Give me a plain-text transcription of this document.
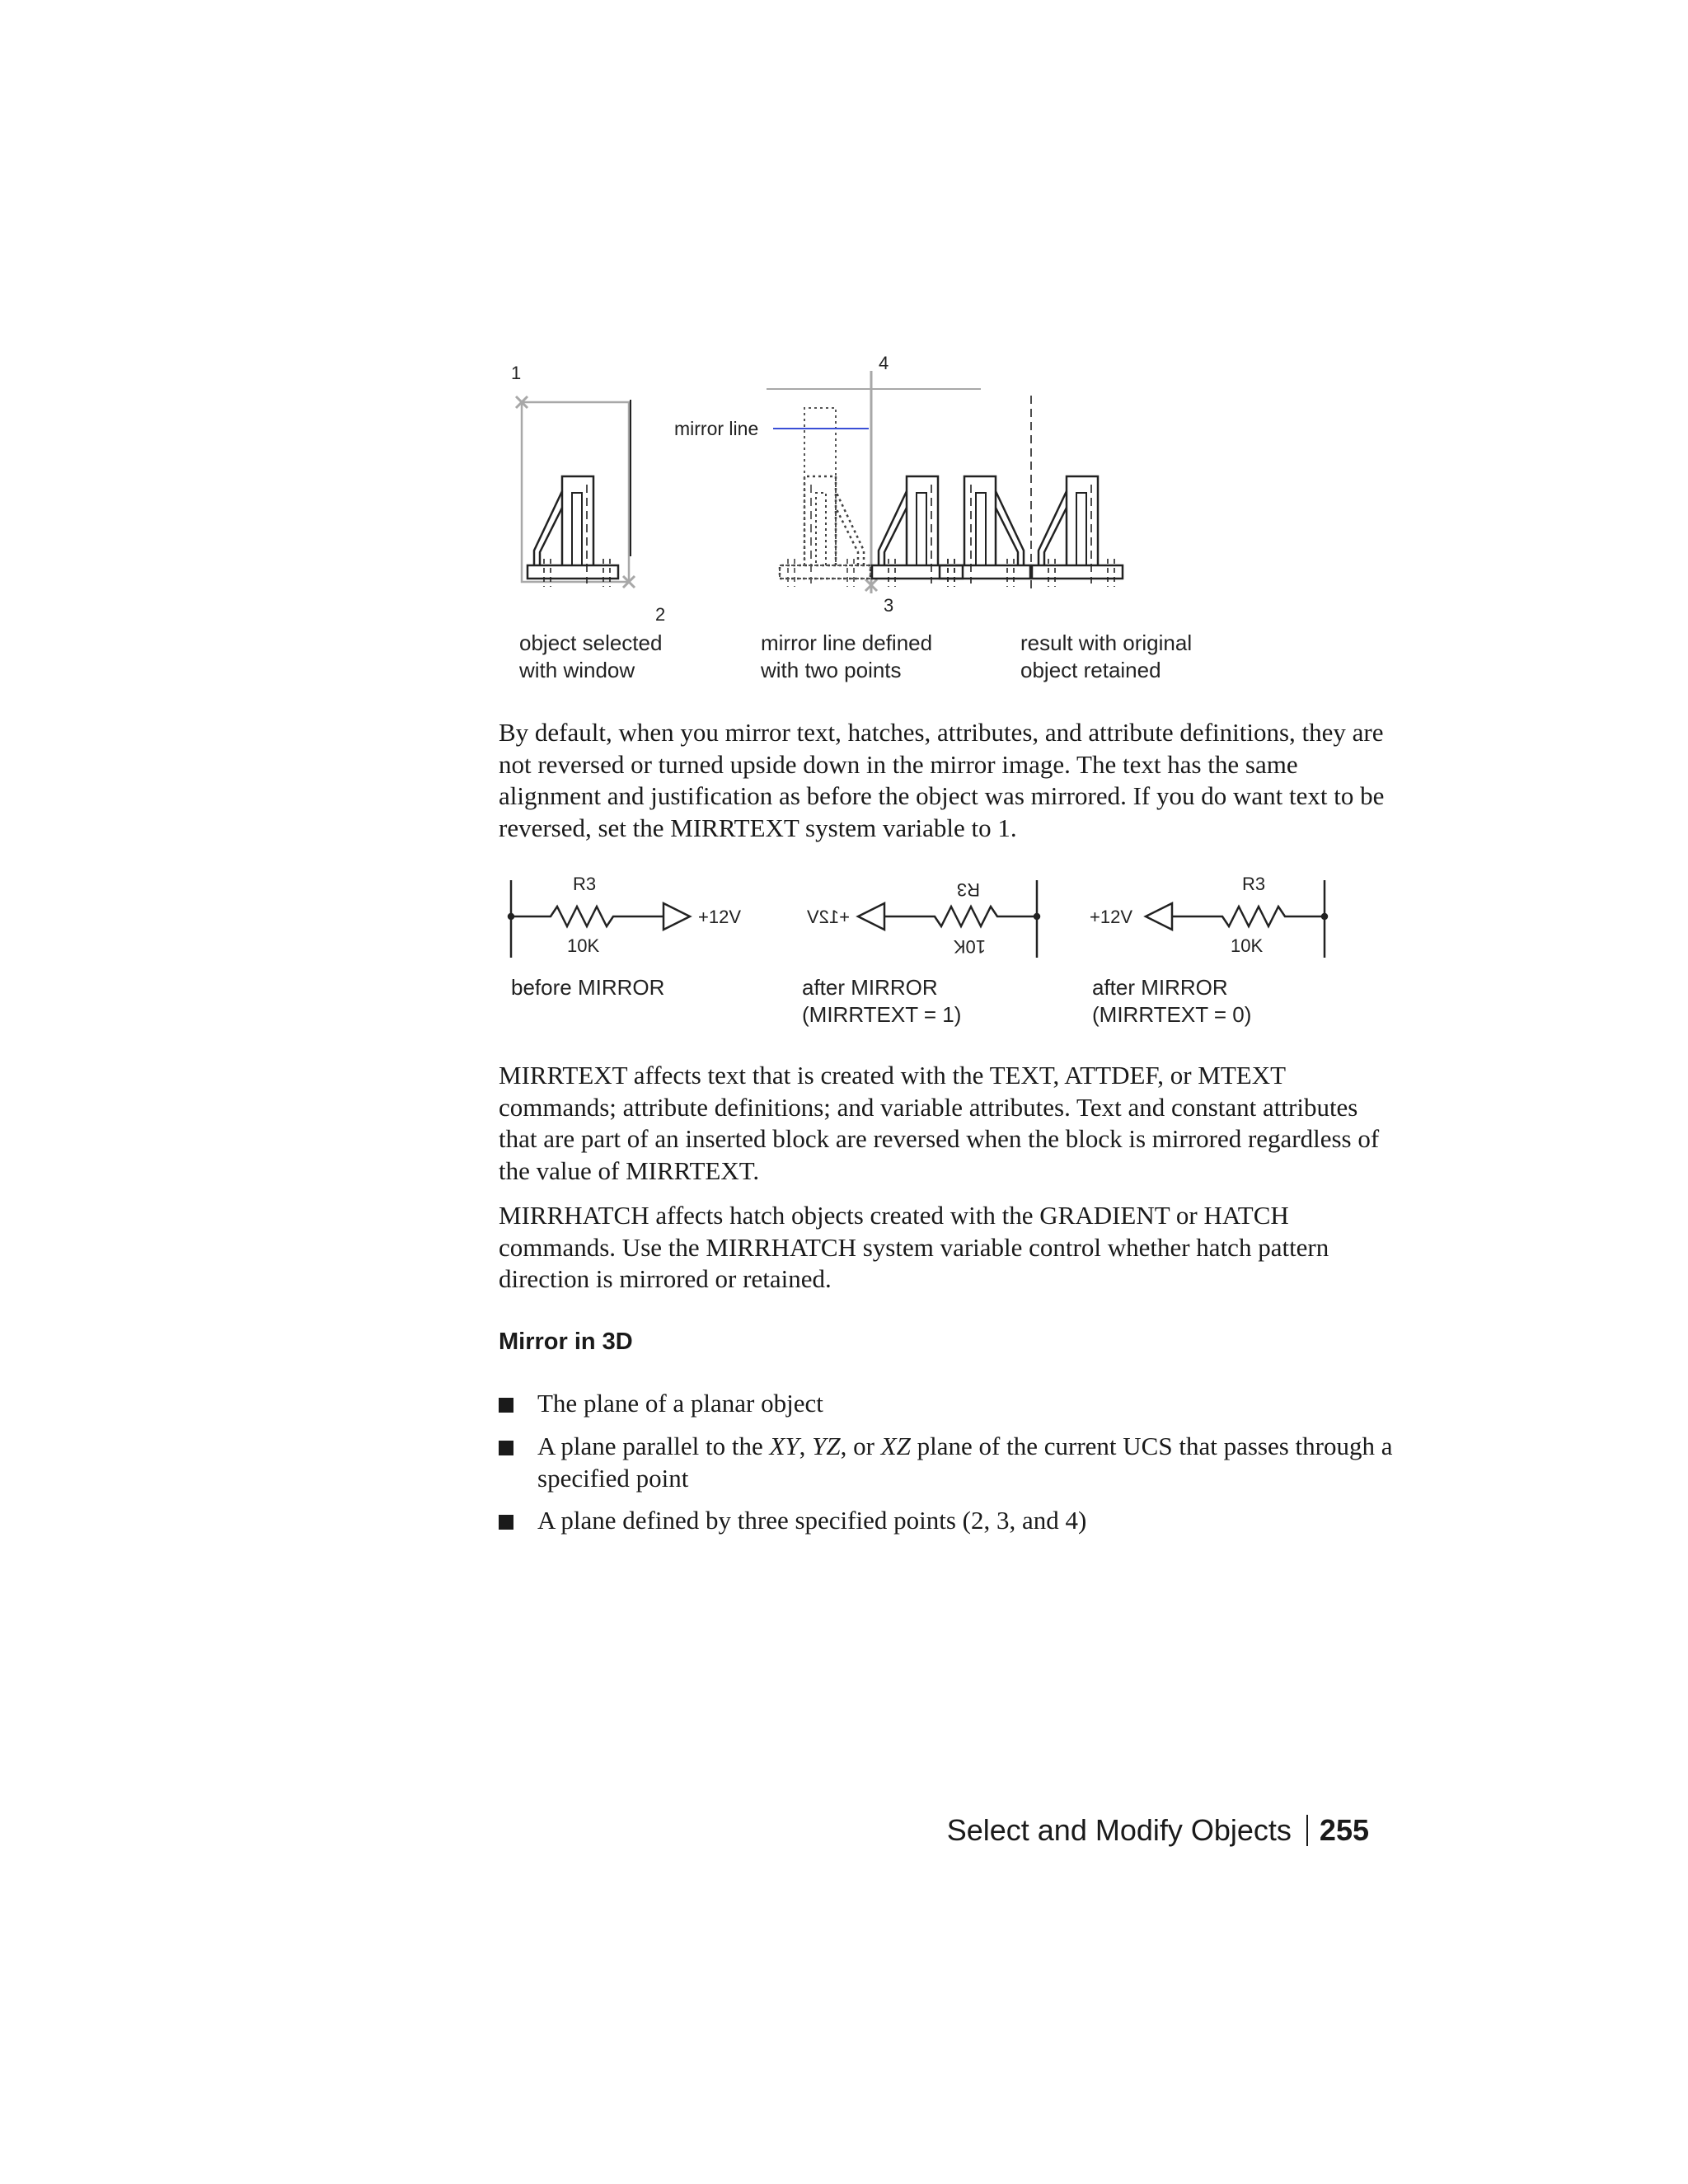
1
2
4
3
mirror line
object selected
with window
mirror line defined
with two points
result with original
object retained
By default, when you mirror text, hatches, attributes, and attribute definitions, they are not reversed or turned upside down in the mirror image. The text has the same alignment and justification as before the object was mirrored. If you do want text to be reversed, set the MIRRTEXT system variable to 1.
R3
10K
+12V
R3
10K
+12V
R3
10K
+12V
before MIRROR	after MIRROR
(MIRRTEXT = 1)
after MIRROR
(MIRRTEXT = 0)
MIRRTEXT affects text that is created with the TEXT, ATTDEF, or MTEXT commands; attribute definitions; and variable attributes. Text and constant attributes that are part of an inserted block are reversed when the block is mirrored regardless of the value of MIRRTEXT.
MIRRHATCH affects hatch objects created with the GRADIENT or HATCH commands. Use the MIRRHATCH system variable control whether hatch pattern direction is mirrored or retained.
Mirror in 3D
The plane of a planar object
A plane parallel to the XY, YZ, or XZ plane of the current UCS that passes through a specified point
A plane defined by three specified points (2, 3, and 4)
Select and Modify Objects 255
